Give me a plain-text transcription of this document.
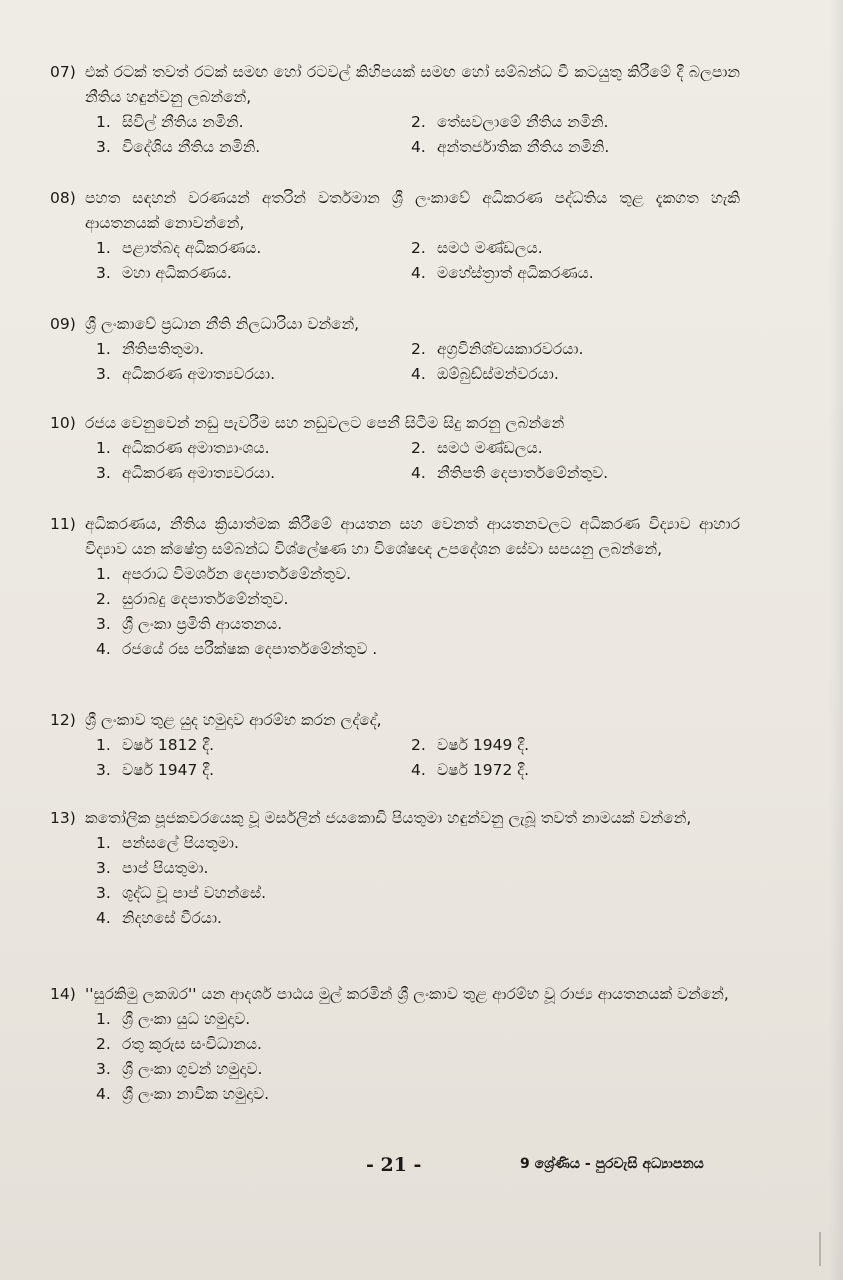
07) එක් රටක් තවත් රටක් සමඟ හෝ රටවල් කිහිපයක් සමඟ හෝ සම්බන්ධ වී කටයුතු කිරීමේ දී බලපාන නීතිය හඳුන්වනු ලබන්නේ,
1. සිවිල් නීතිය නමිනි.	2. තේසවලාමේ නීතිය නමිනි.
3. විදේශිය නීතිය නමිනි.	4. අන්තර්ජාතික නීතිය නමිනි.
08) පහත සඳහන් වරණයන් අතරින් වර්තමාන ශ්‍රී ලංකාවේ අධිකරණ පද්ධතිය තුළ දැකගත හැකි ආයතනයක් නොවන්නේ,
1. පළාත්බද අධිකරණය.	2. සමථ මණ්ඩලය.
3. මහා අධිකරණය.	4. මහේස්ත්‍රාත් අධිකරණය.
09) ශ්‍රී ලංකාවේ ප්‍රධාන නීති නිලධාරියා වන්නේ,
1. නීතිපතිතුමා.	2. අග්‍රවිනිශ්චයකාරවරයා.
3. අධිකරණ අමාත්‍යවරයා.	4. ඔම්බුඩ්ස්මන්වරයා.
10) රජය වෙනුවෙන් නඩු පැවරීම සහ නඩුවලට පෙනී සිටීම සිදු කරනු ලබන්නේ
1. අධිකරණ අමාත්‍යාංශය.	2. සමථ මණ්ඩලය.
3. අධිකරණ අමාත්‍යවරයා.	4. නීතිපති දෙපාර්තමේන්තුව.
11) අධිකරණය, නීතිය ක්‍රියාත්මක කිරීමේ ආයතන සහ වෙනත් ආයතනවලට අධිකරණ විද්‍යාව ආහාර විද්‍යාව යන ක්ෂේත්‍ර සම්බන්ධ විශ්ලේෂණ හා විශේෂඥ උපදේශන සේවා සපයනු ලබන්නේ,
1. අපරාධ විමර්ශන දෙපාර්තමේන්තුව.
2. සුරාබදු දෙපාර්තමේන්තුව.
3. ශ්‍රී ලංකා ප්‍රමිති ආයතනය.
4. රජයේ රස පරීක්ෂක දෙපාර්තමේන්තුව .
12) ශ්‍රී ලංකාව තුළ යුද හමුදාව ආරම්භ කරන ලද්දේ,
1. වර්ෂ 1812 දී.	2. වර්ෂ 1949 දී.
3. වර්ෂ 1947 දී.	4. වර්ෂ 1972 දී.
13) කතෝලික පූජකවරයෙකු වූ මර්සලින් ජයකොඩි පියතුමා හඳුන්වනු ලැබූ තවත් නාමයක් වන්නේ,
1. පන්සලේ පියතුමා.
3. පාප් පියතුමා.
3. ශුද්ධ වූ පාප් වහන්සේ.
4. නිදහසේ වීරයා.
14) ''සුරකිමු ලකඹර'' යන ආදර්ශ පාඨය මුල් කරමින් ශ්‍රී ලංකාව තුළ ආරම්භ වූ රාජ්‍ය ආයතනයක් වන්නේ,
1. ශ්‍රී ලංකා යුධ හමුදාව.
2. රතු කුරුස සංවිධානය.
3. ශ්‍රී ලංකා ගුවන් හමුදාව.
4. ශ්‍රී ලංකා නාවික හමුදාව.
- 21 -	9 ශ්‍රේණිය - පුරවැසි අධ්‍යාපනය
